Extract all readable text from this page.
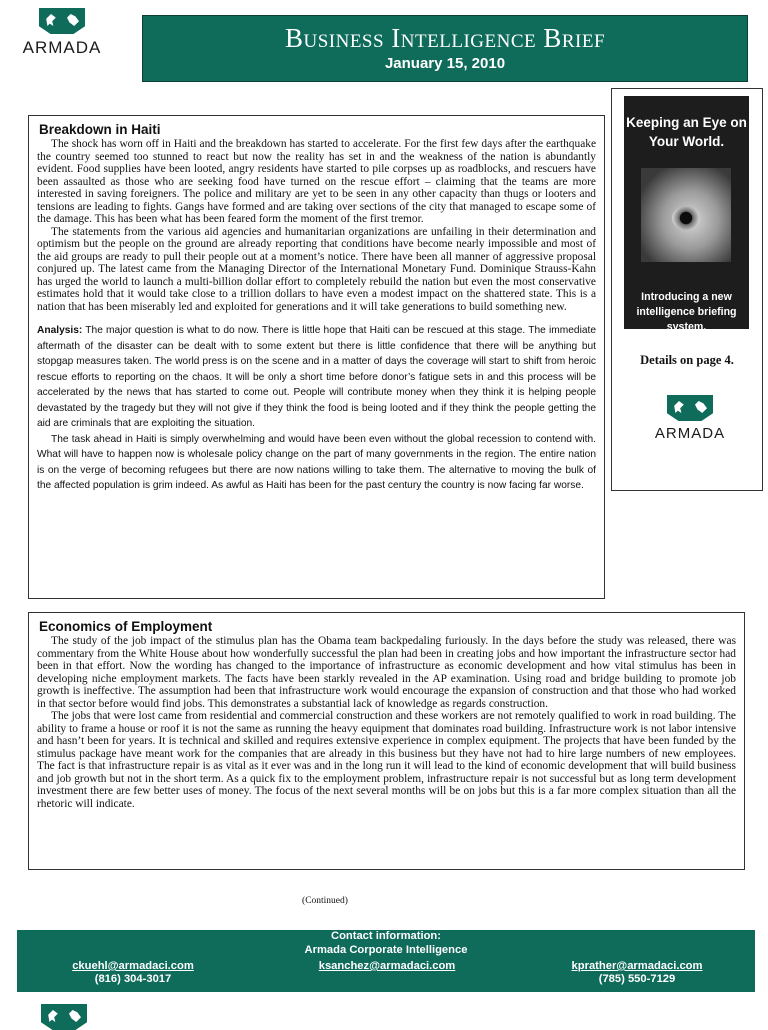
ARMADA	Business Intelligence Brief
January 15, 2010
Breakdown in Haiti

The shock has worn off in Haiti and the breakdown has started to accelerate. For the first few days after the earthquake the country seemed too stunned to react but now the reality has set in and the weakness of the nation is abundantly evident. Food supplies have been looted, angry residents have started to pile corpses up as roadblocks, and rescuers have been assaulted as those who are seeking food have turned on the rescue effort – claiming that the teams are more interested in saving foreigners. The police and military are yet to be seen in any other capacity than thugs or looters and tensions are leading to fights. Gangs have formed and are taking over sections of the city that managed to escape some of the damage. This has been what has been feared form the moment of the first tremor.

The statements from the various aid agencies and humanitarian organizations are unfailing in their determination and optimism but the people on the ground are already reporting that conditions have become nearly impossible and most of the aid groups are ready to pull their people out at a moment’s notice. There have been all manner of aggressive proposal conjured up. The latest came from the Managing Director of the International Monetary Fund. Dominique Strauss-Kahn has urged the world to launch a multi-billion dollar effort to completely rebuild the nation but even the most conservative estimates hold that it would take close to a trillion dollars to have even a modest impact on the shattered state. This is a nation that has been miserably led and exploited for generations and it will take generations to build something new.

Analysis: The major question is what to do now. There is little hope that Haiti can be rescued at this stage. The immediate aftermath of the disaster can be dealt with to some extent but there is little confidence that there will be anything but stopgap measures taken. The world press is on the scene and in a matter of days the coverage will start to shift from heroic rescue efforts to reporting on the chaos. It will be only a short time before donor’s fatigue sets in and this process will be accelerated by the news that has started to come out. People will contribute money when they think it is helping people devastated by the tragedy but they will not give if they think the food is being looted and if they think the people getting the aid are criminals that are exploiting the situation.

The task ahead in Haiti is simply overwhelming and would have been even without the global recession to contend with. What will have to happen now is wholesale policy change on the part of many governments in the region. The entire nation is on the verge of becoming refugees but there are now nations willing to take them. The alternative to moving the bulk of the affected population is grim indeed. As awful as Haiti has been for the past century the country is now facing far worse.

Keeping an Eye on Your World.
Introducing a new intelligence briefing system.
Details on page 4.
ARMADA
Economics of Employment

The study of the job impact of the stimulus plan has the Obama team backpedaling furiously. In the days before the study was released, there was commentary from the White House about how wonderfully successful the plan had been in creating jobs and how important the infrastructure sector had been in that effort. Now the wording has changed to the importance of infrastructure as economic development and how vital stimulus has been in developing niche employment markets. The facts have been starkly revealed in the AP examination. Using road and bridge building to promote job growth is ineffective. The assumption had been that infrastructure work would encourage the expansion of construction and that those who had worked in that sector before would find jobs. This demonstrates a substantial lack of knowledge as regards construction.

The jobs that were lost came from residential and commercial construction and these workers are not remotely qualified to work in road building. The ability to frame a house or roof it is not the same as running the heavy equipment that dominates road building. Infrastructure work is not labor intensive and hasn’t been for years. It is technical and skilled and requires extensive experience in complex equipment. The projects that have been funded by the stimulus package have meant work for the companies that are already in this business but they have not had to hire large numbers of new employees. The fact is that infrastructure repair is as vital as it ever was and in the long run it will lead to the kind of economic development that will build business and job growth but not in the short term. As a quick fix to the employment problem, infrastructure repair is not successful but as long term development investment there are few better uses of money. The focus of the next several months will be on jobs but this is a far more complex situation than all the rhetoric will indicate.

(Continued)
Contact information:
Armada Corporate Intelligence
ckuehl@armadaci.com
(816) 304-3017
ksanchez@armadaci.com	kprather@armadaci.com
(785) 550-7129
